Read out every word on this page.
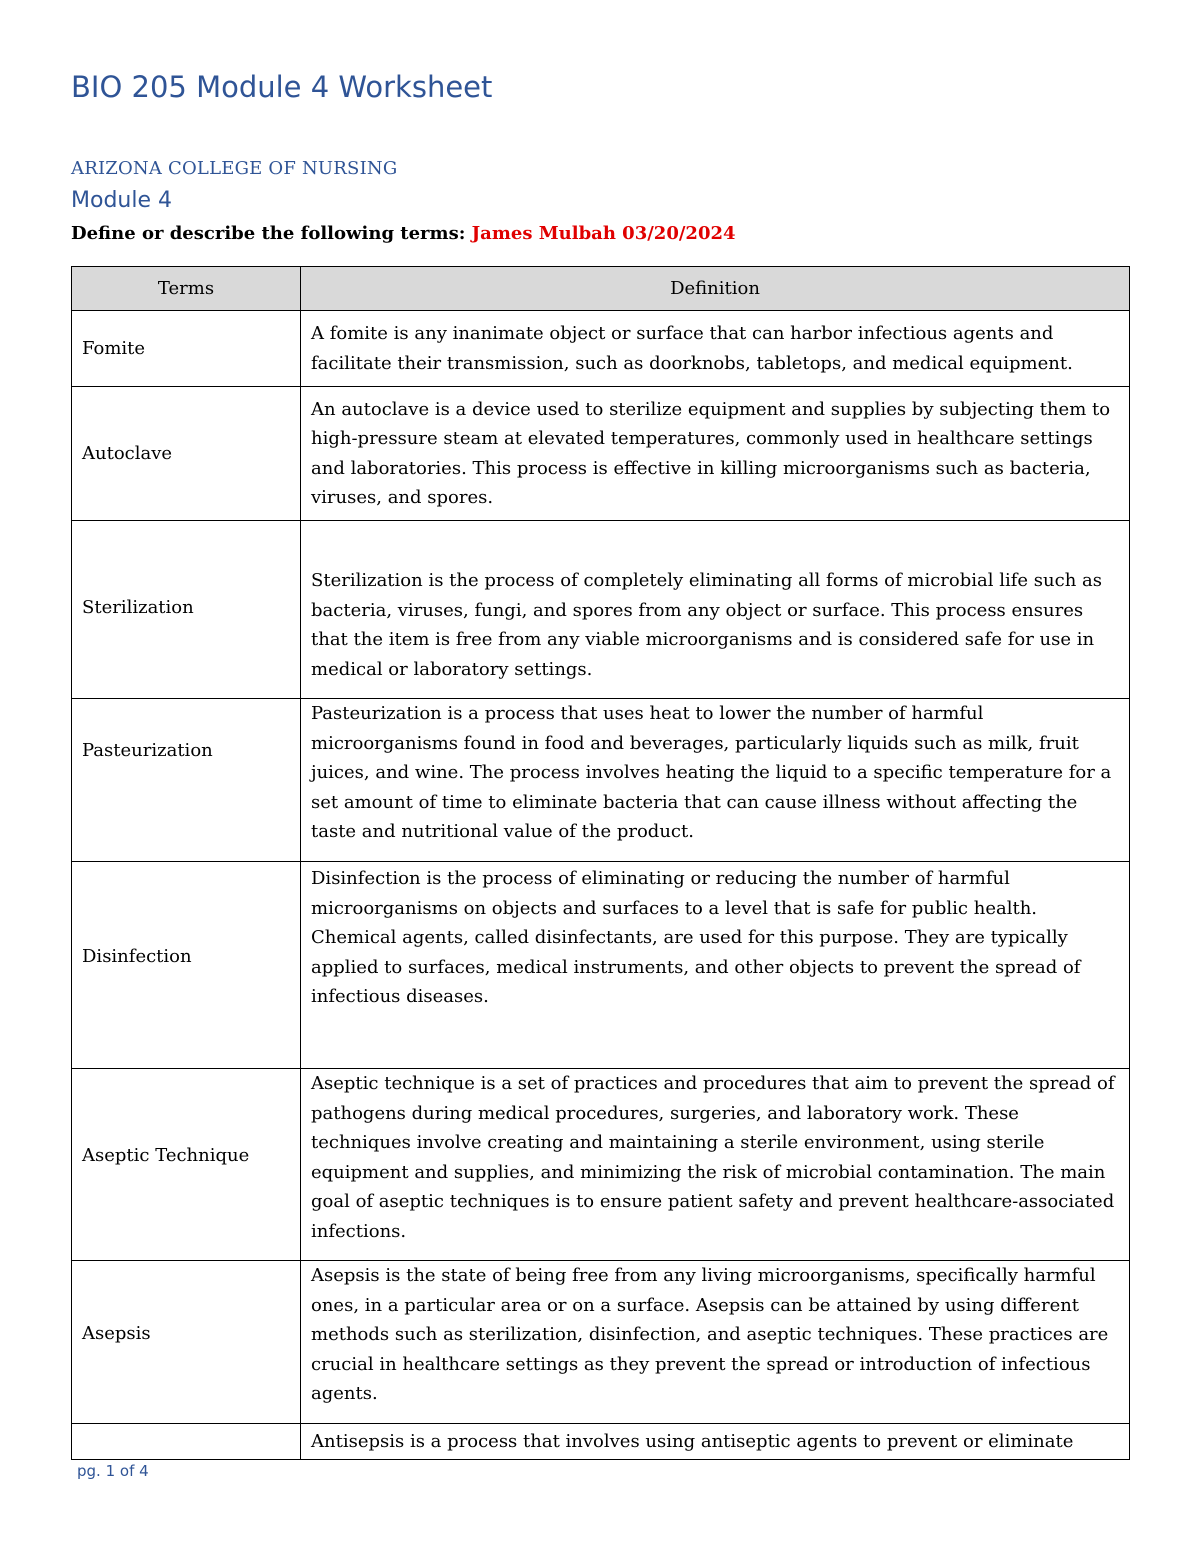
BIO 205 Module 4 Worksheet
ARIZONA COLLEGE OF NURSING
Module 4
Define or describe the following terms: James Mulbah 03/20/2024
Terms	Definition
Fomite	A fomite is any inanimate object or surface that can harbor infectious agents and facilitate their transmission, such as doorknobs, tabletops, and medical equipment.
Autoclave	An autoclave is a device used to sterilize equipment and supplies by subjecting them to high-pressure steam at elevated temperatures, commonly used in healthcare settings and laboratories. This process is effective in killing microorganisms such as bacteria, viruses, and spores.
Sterilization	Sterilization is the process of completely eliminating all forms of microbial life such as bacteria, viruses, fungi, and spores from any object or surface. This process ensures that the item is free from any viable microorganisms and is considered safe for use in medical or laboratory settings.
Pasteurization	Pasteurization is a process that uses heat to lower the number of harmful microorganisms found in food and beverages, particularly liquids such as milk, fruit juices, and wine. The process involves heating the liquid to a specific temperature for a set amount of time to eliminate bacteria that can cause illness without affecting the taste and nutritional value of the product.
Disinfection	Disinfection is the process of eliminating or reducing the number of harmful microorganisms on objects and surfaces to a level that is safe for public health. Chemical agents, called disinfectants, are used for this purpose. They are typically applied to surfaces, medical instruments, and other objects to prevent the spread of infectious diseases.
Aseptic Technique	Aseptic technique is a set of practices and procedures that aim to prevent the spread of pathogens during medical procedures, surgeries, and laboratory work. These techniques involve creating and maintaining a sterile environment, using sterile equipment and supplies, and minimizing the risk of microbial contamination. The main goal of aseptic techniques is to ensure patient safety and prevent healthcare-associated infections.
Asepsis	Asepsis is the state of being free from any living microorganisms, specifically harmful ones, in a particular area or on a surface. Asepsis can be attained by using different methods such as sterilization, disinfection, and aseptic techniques. These practices are crucial in healthcare settings as they prevent the spread or introduction of infectious agents.
	Antisepsis is a process that involves using antiseptic agents to prevent or eliminate
pg. 1 of 4
